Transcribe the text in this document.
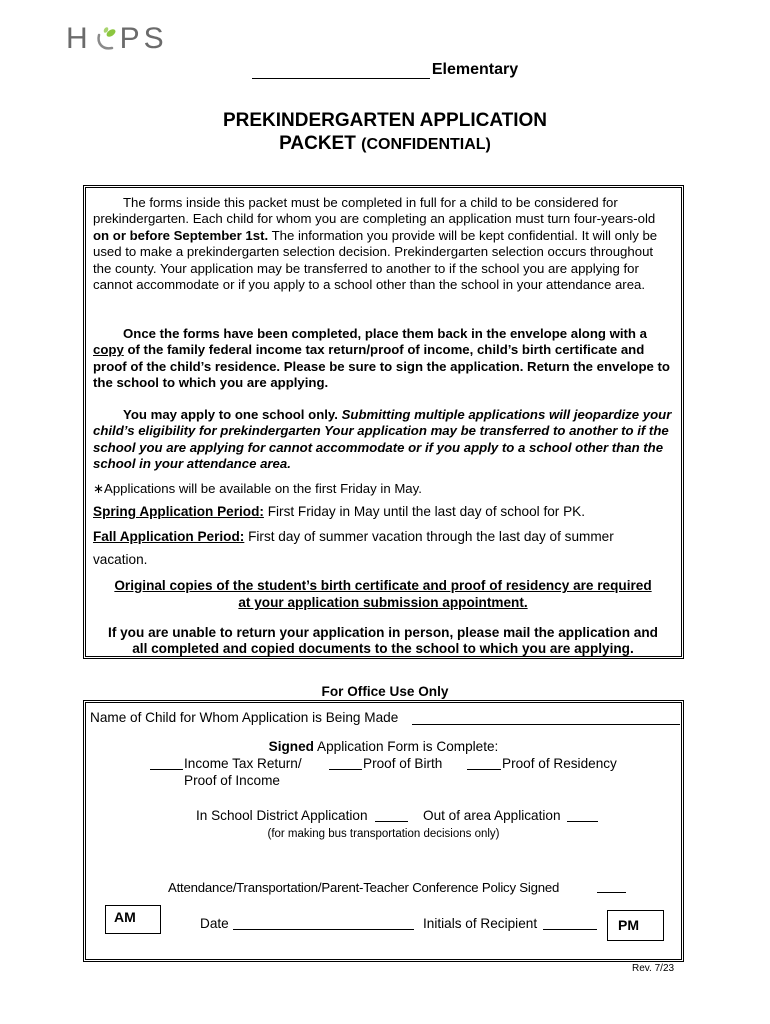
H PS
Elementary
PREKINDERGARTEN APPLICATION
PACKET (CONFIDENTIAL)
The forms inside this packet must be completed in full for a child to be considered for prekindergarten. Each child for whom you are completing an application must turn four-years-old on or before September 1st. The information you provide will be kept confidential. It will only be used to make a prekindergarten selection decision. Prekindergarten selection occurs throughout the county. Your application may be transferred to another to if the school you are applying for cannot accommodate or if you apply to a school other than the school in your attendance area.
Once the forms have been completed, place them back in the envelope along with a copy of the family federal income tax return/proof of income, child’s birth certificate and proof of the child’s residence. Please be sure to sign the application. Return the envelope to the school to which you are applying.
You may apply to one school only. Submitting multiple applications will jeopardize your child’s eligibility for prekindergarten Your application may be transferred to another to if the school you are applying for cannot accommodate or if you apply to a school other than the school in your attendance area.
∗Applications will be available on the first Friday in May.
Spring Application Period: First Friday in May until the last day of school for PK.
Fall Application Period: First day of summer vacation through the last day of summer
vacation.
Original copies of the student’s birth certificate and proof of residency are required
at your application submission appointment.
If you are unable to return your application in person, please mail the application and
all completed and copied documents to the school to which you are applying.
For Office Use Only
Name of Child for Whom Application is Being Made
Signed Application Form is Complete:
Income Tax Return/
Proof of Income
Proof of Birth	Proof of Residency
In School District Application	Out of area Application
(for making bus transportation decisions only)
Attendance/Transportation/Parent-Teacher Conference Policy Signed
AM	Date	Initials of Recipient	PM
Rev. 7/23
